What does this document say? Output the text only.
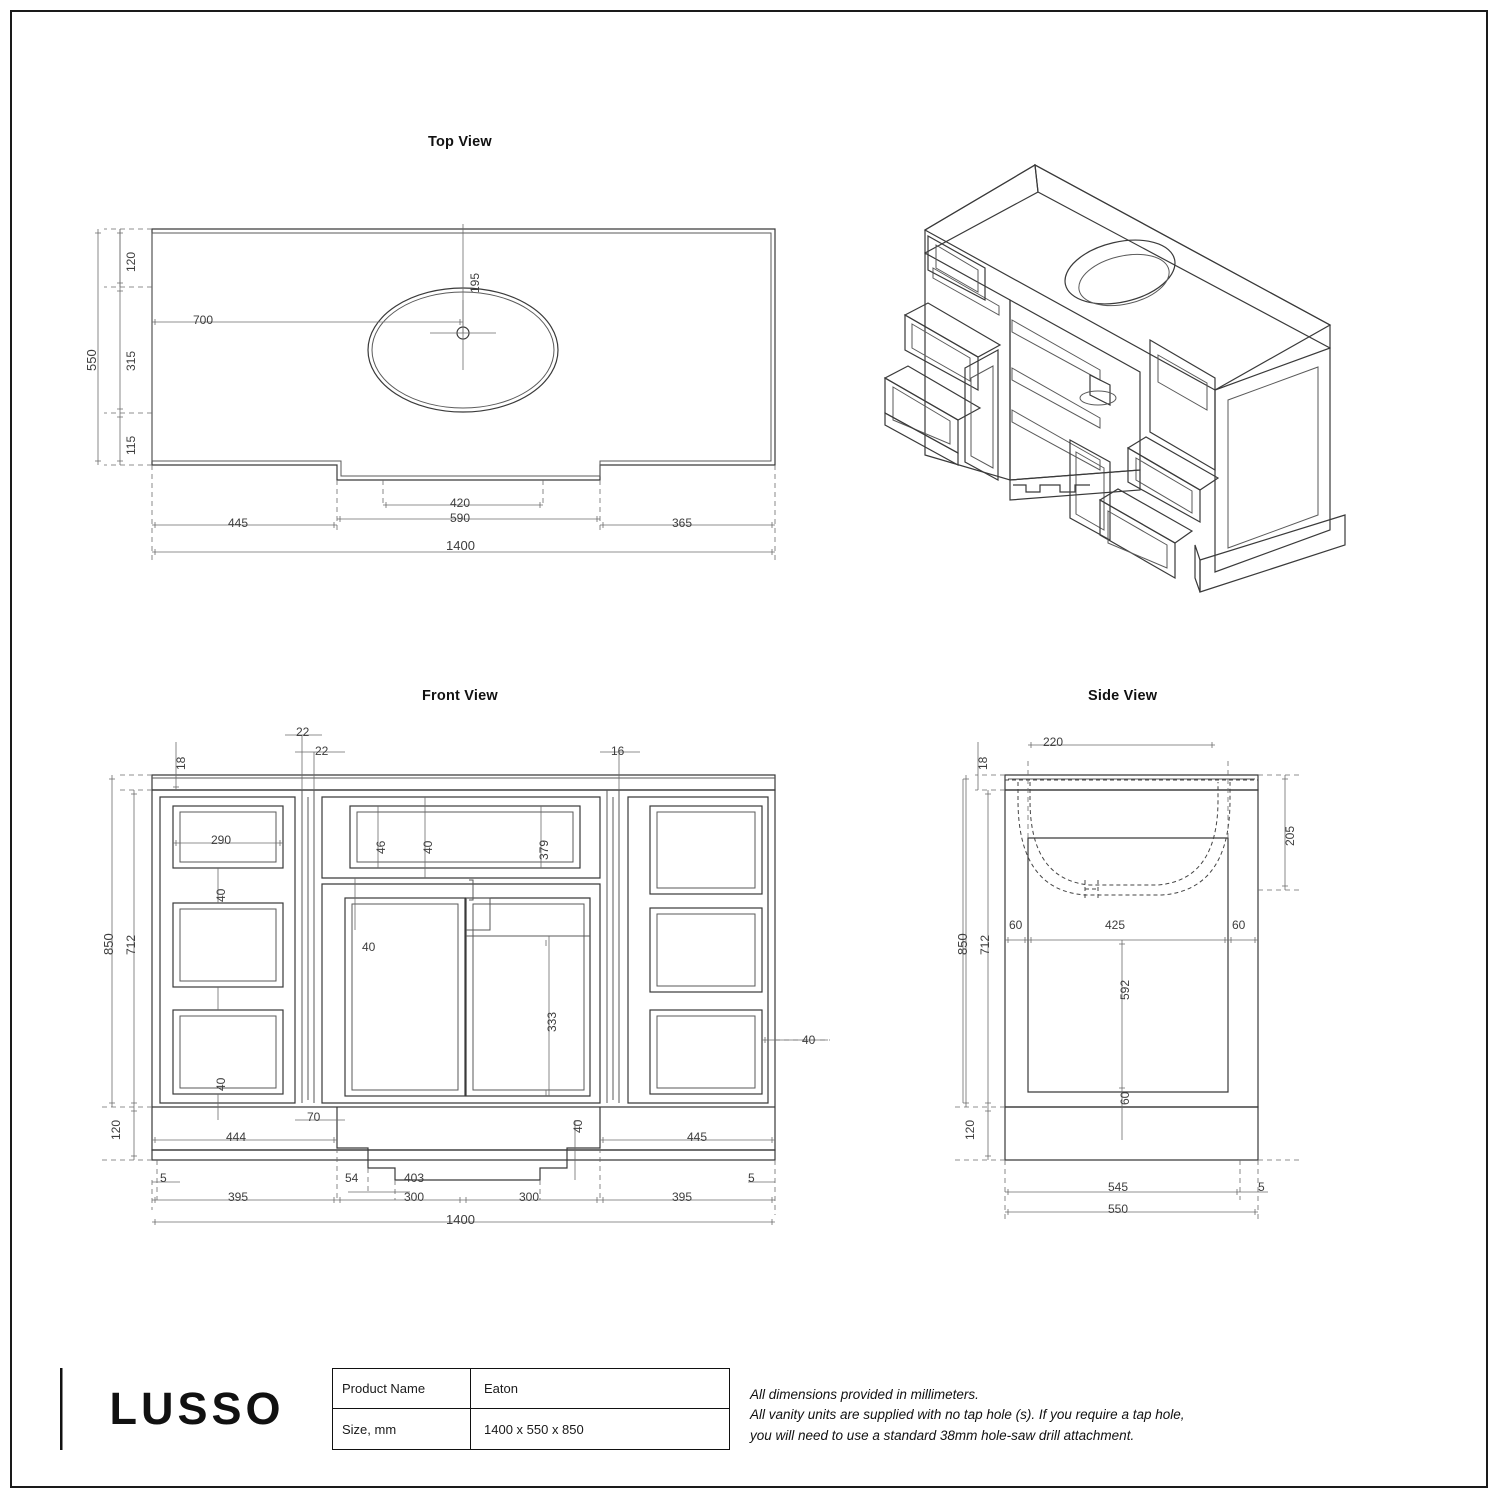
Top View
Front View	Side View
120
195
700
550 315
115
445
420
590	365
1400
18
22
22	16
290
46	40	379
40
40
850 712
333
40
40
120
70
444
40
445
5	54	403	5
395	300	300	395
1400
18
220
205
850 712
60	425	60
592
60
120
545	5
550
LUSSO	Product Name	Eaton
Size, mm	1400 x 550 x 850
All dimensions provided in millimeters.
All vanity units are supplied with no tap hole (s). If you require a tap hole,
you will need to use a standard 38mm hole-saw drill attachment.
